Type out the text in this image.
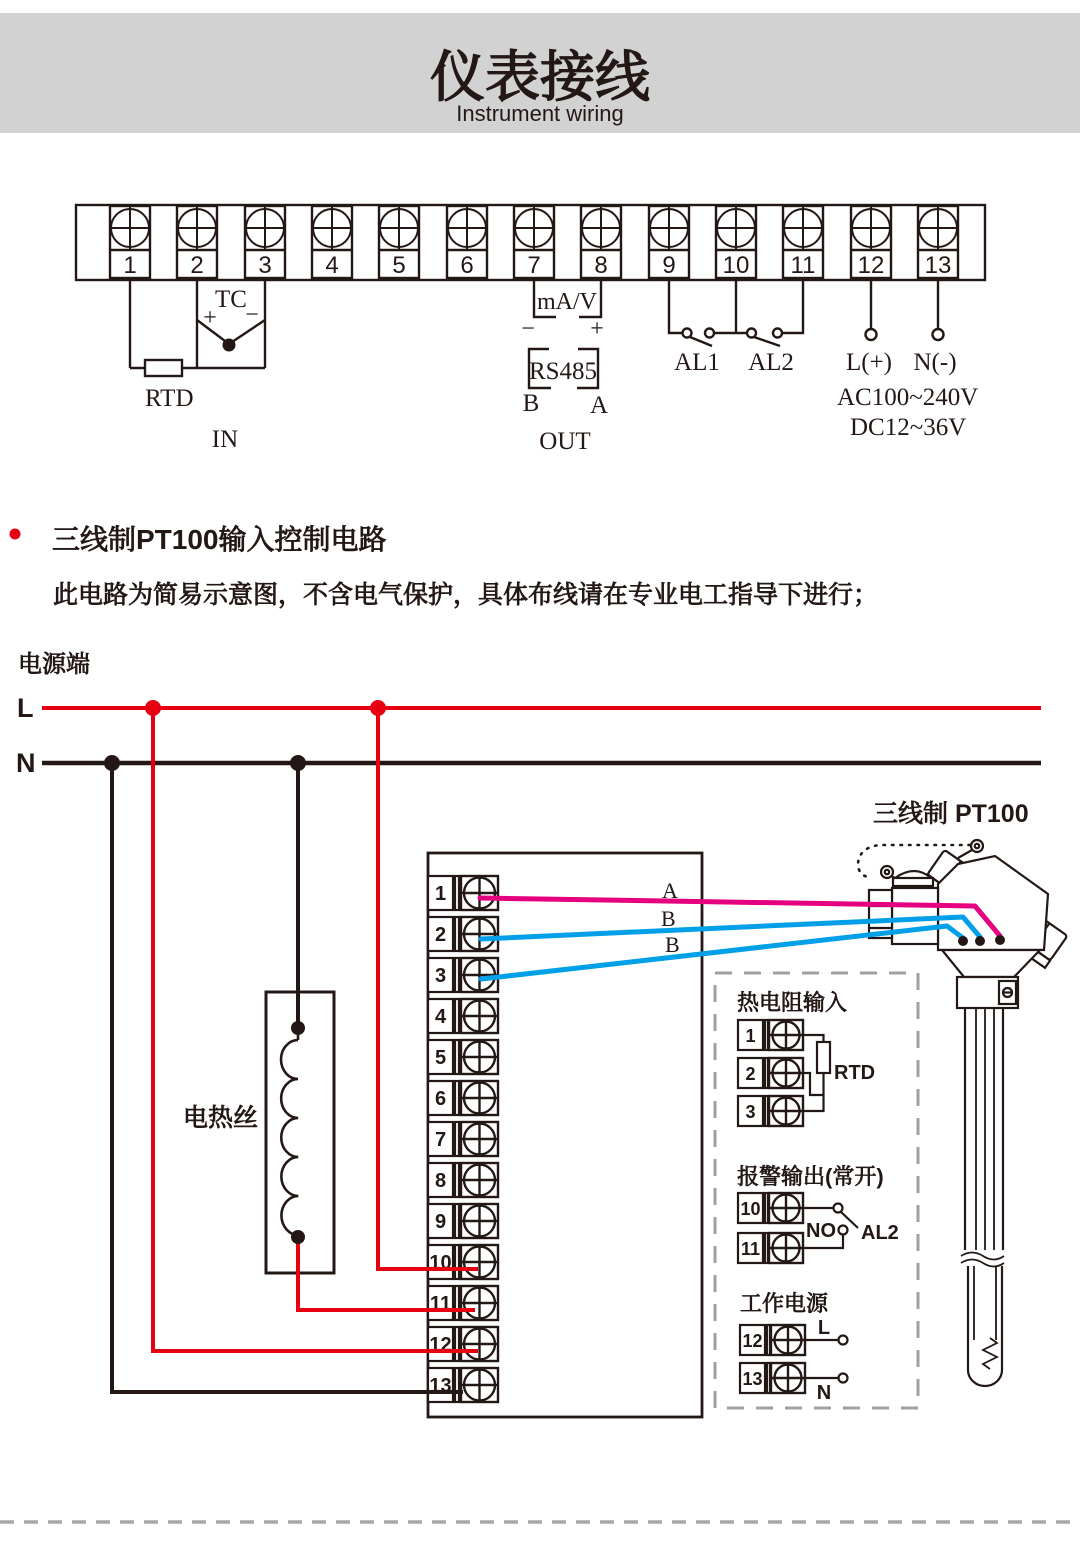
仪表接线
Instrument wiring
1 2 3 4 5 6 7 8 9 10 11 12 13
TC
+ −
RTD
IN
mA/V
− +
RS485
B A
OUT
AL1 AL2 L(+) N(-)
AC100~240V
DC12~36V
三线制PT100输入控制电路
此电路为简易示意图，不含电气保护，具体布线请在专业电工指导下进行；
电源端
L
N
电热丝
1
2
3
4
5
6
7
8
9
10
11
12
13
三线制 PT100
A
B
B
热电阻输入
1
2
3
RTD
报警输出(常开)
10
11
NO AL2
工作电源
12
13
L
N
